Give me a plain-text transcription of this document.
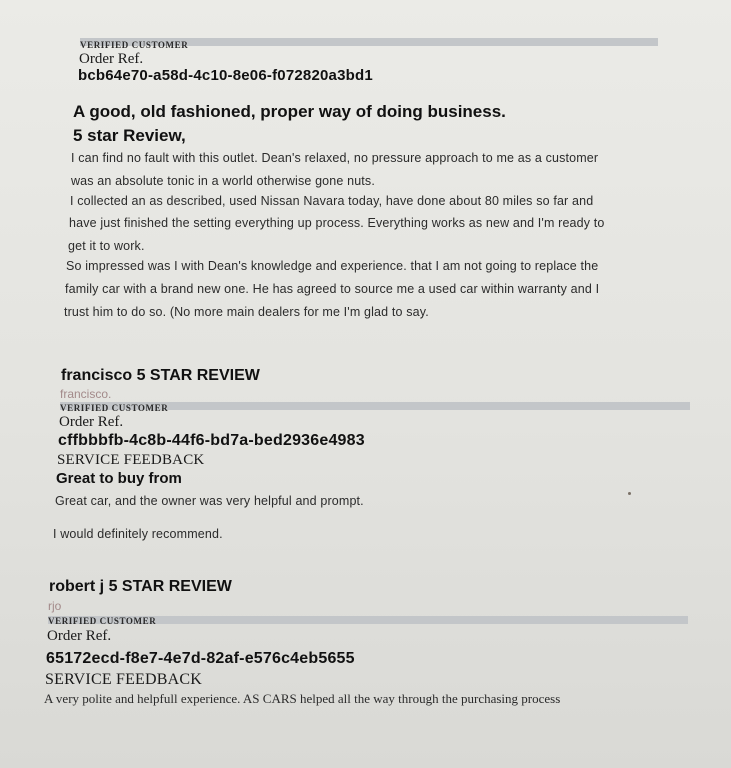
VERIFIED CUSTOMER
Order Ref.
bcb64e70-a58d-4c10-8e06-f072820a3bd1
A good, old fashioned, proper way of doing business.
5 star Review,
I can find no fault with this outlet. Dean's relaxed, no pressure approach to me as a customer
was an absolute tonic in a world otherwise gone nuts.
I collected an as described, used Nissan Navara today, have done about 80 miles so far and
have just finished the setting everything up process. Everything works as new and I'm ready to
get it to work.
So impressed was I with Dean's knowledge and experience. that I am not going to replace the
family car with a brand new one. He has agreed to source me a used car within warranty and I
trust him to do so. (No more main dealers for me I'm glad to say.
francisco 5 STAR REVIEW
francisco.
VERIFIED CUSTOMER
Order Ref.
cffbbbfb-4c8b-44f6-bd7a-bed2936e4983
SERVICE FEEDBACK
Great to buy from
Great car, and the owner was very helpful and prompt.
I would definitely recommend.
robert j 5 STAR REVIEW
rjo
VERIFIED CUSTOMER
Order Ref.
65172ecd-f8e7-4e7d-82af-e576c4eb5655
SERVICE FEEDBACK
A very polite and helpfull experience. AS CARS helped all the way through the purchasing process
